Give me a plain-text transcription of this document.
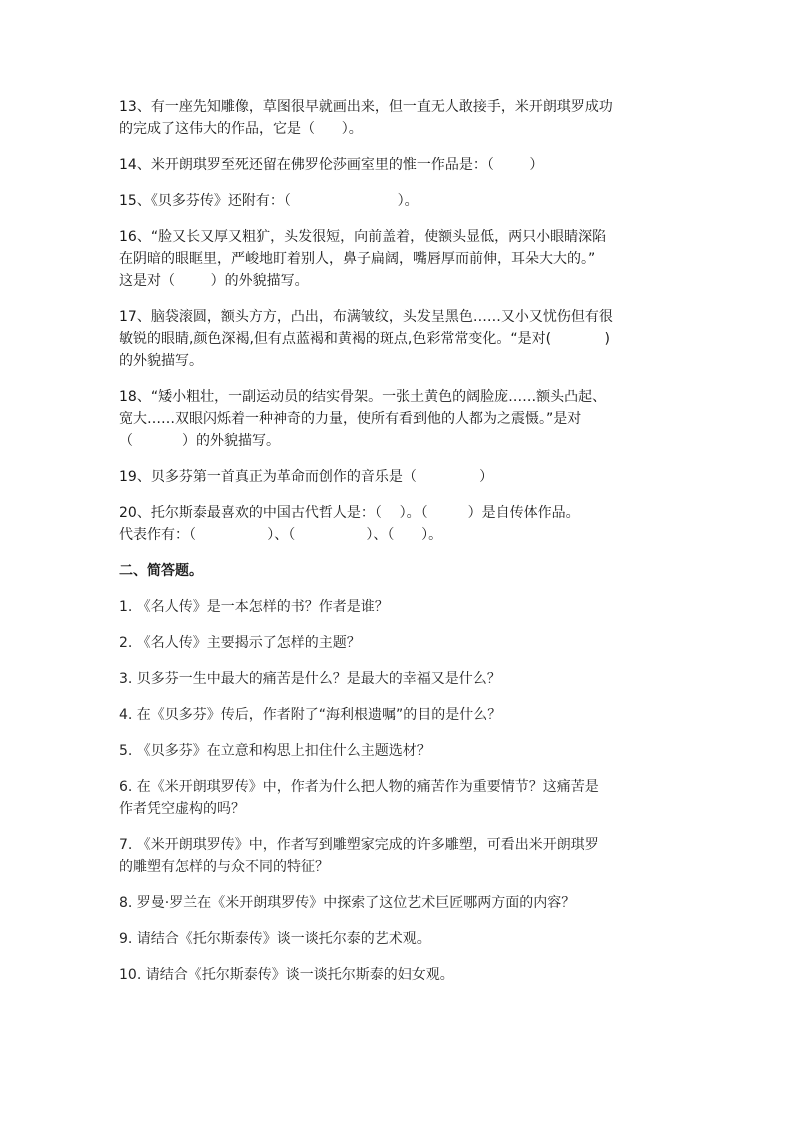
13、有一座先知雕像，草图很早就画出来，但一直无人敢接手，米开朗琪罗成功
的完成了这伟大的作品，它是（      ）。
14、米开朗琪罗至死还留在佛罗伦莎画室里的惟一作品是：（        ）
15、《贝多芬传》还附有：（                        ）。
16、“脸又长又厚又粗犷，头发很短，向前盖着，使额头显低，两只小眼睛深陷
在阴暗的眼眶里，严峻地盯着别人，鼻子扁阔，嘴唇厚而前伸，耳朵大大的。”
这是对（        ）的外貌描写。
17、脑袋滚圆，额头方方，凸出，布满皱纹，头发呈黑色……又小又忧伤但有很
敏锐的眼睛,颜色深褐,但有点蓝褐和黄褐的斑点,色彩常常变化。“是对(            )
的外貌描写。
18、“矮小粗壮，一副运动员的结实骨架。一张土黄色的阔脸庞……额头凸起、
宽大……双眼闪烁着一种神奇的力量，使所有看到他的人都为之震慑。”是对
（           ）的外貌描写。
19、贝多芬第一首真正为革命而创作的音乐是（              ）
20、托尔斯泰最喜欢的中国古代哲人是：（    ）。（         ）是自传体作品。
代表作有：（                ）、（                ）、（      ）。
二、简答题。
1. 《名人传》是一本怎样的书？作者是谁？
2. 《名人传》主要揭示了怎样的主题？
3. 贝多芬一生中最大的痛苦是什么？是最大的幸福又是什么？
4. 在《贝多芬》传后，作者附了“海利根遗嘱”的目的是什么？
5. 《贝多芬》在立意和构思上扣住什么主题选材？
6. 在《米开朗琪罗传》中，作者为什么把人物的痛苦作为重要情节？这痛苦是
作者凭空虚构的吗？
7. 《米开朗琪罗传》中，作者写到雕塑家完成的许多雕塑，可看出米开朗琪罗
的雕塑有怎样的与众不同的特征？
8. 罗曼·罗兰在《米开朗琪罗传》中探索了这位艺术巨匠哪两方面的内容？
9. 请结合《托尔斯泰传》谈一谈托尔泰的艺术观。
10. 请结合《托尔斯泰传》谈一谈托尔斯泰的妇女观。
